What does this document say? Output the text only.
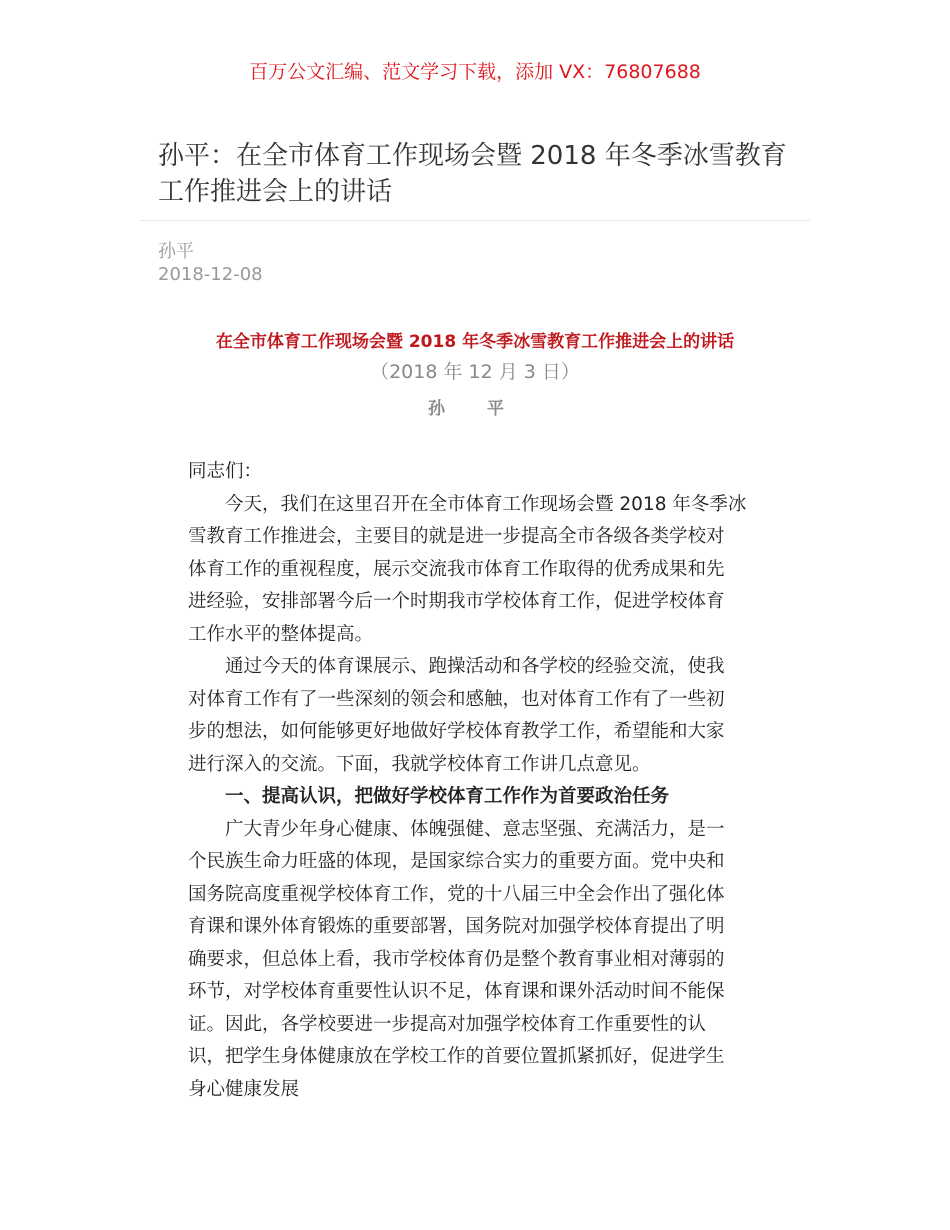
百万公文汇编、范文学习下载，添加 VX：76807688
孙平：在全市体育工作现场会暨 2018 年冬季冰雪教育工作推进会上的讲话
孙平
2018-12-08
在全市体育工作现场会暨 2018 年冬季冰雪教育工作推进会上的讲话
（2018 年 12 月 3 日）
孙 平
同志们：
今天，我们在这里召开在全市体育工作现场会暨 2018 年冬季冰
雪教育工作推进会，主要目的就是进一步提高全市各级各类学校对
体育工作的重视程度，展示交流我市体育工作取得的优秀成果和先
进经验，安排部署今后一个时期我市学校体育工作，促进学校体育
工作水平的整体提高。
通过今天的体育课展示、跑操活动和各学校的经验交流，使我
对体育工作有了一些深刻的领会和感触，也对体育工作有了一些初
步的想法，如何能够更好地做好学校体育教学工作，希望能和大家
进行深入的交流。下面，我就学校体育工作讲几点意见。
一、提高认识，把做好学校体育工作作为首要政治任务
广大青少年身心健康、体魄强健、意志坚强、充满活力，是一
个民族生命力旺盛的体现，是国家综合实力的重要方面。党中央和
国务院高度重视学校体育工作，党的十八届三中全会作出了强化体
育课和课外体育锻炼的重要部署，国务院对加强学校体育提出了明
确要求，但总体上看，我市学校体育仍是整个教育事业相对薄弱的
环节，对学校体育重要性认识不足，体育课和课外活动时间不能保
证。因此，各学校要进一步提高对加强学校体育工作重要性的认
识，把学生身体健康放在学校工作的首要位置抓紧抓好，促进学生
身心健康发展
